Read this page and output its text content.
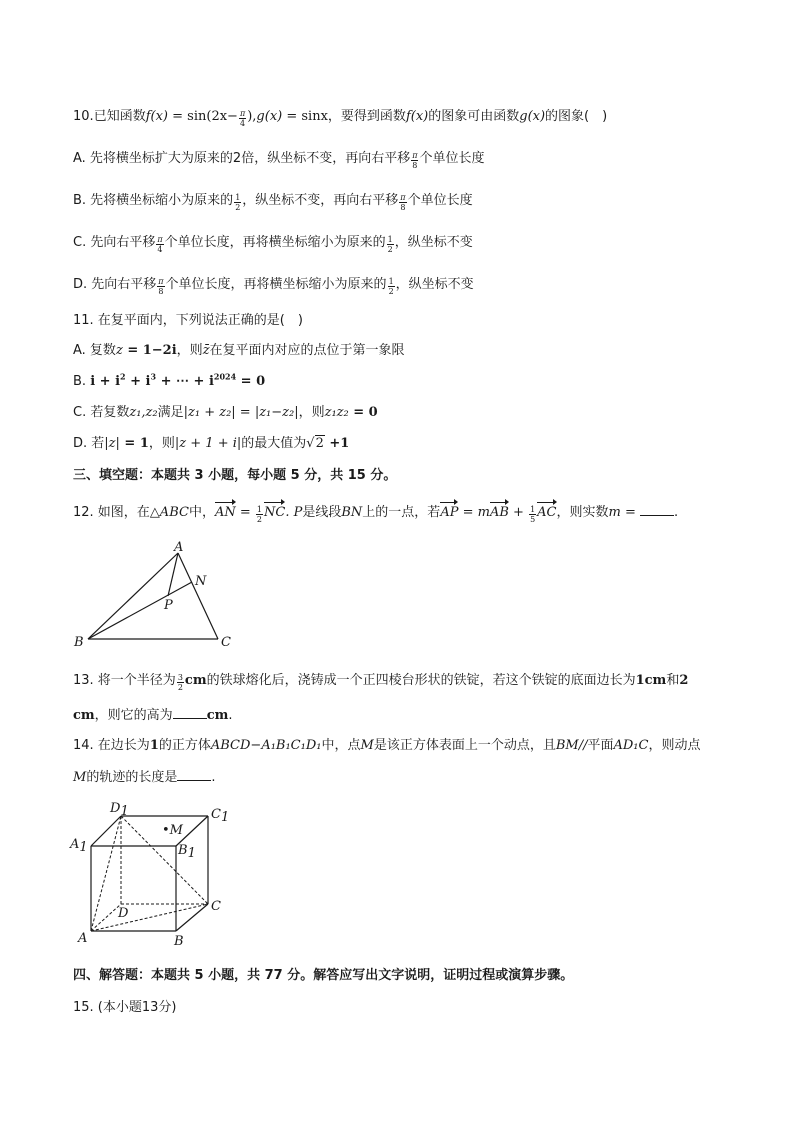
10.已知函数$f(x) = \sin(2x- \frac{\pi}{4} ),g(x) = \sin x$，要得到函数f(x)的图象可由函数g(x)的图象(　)
A. 先将横坐标扩大为原来的2倍，纵坐标不变，再向右平移 $\frac{\pi}{8}$ 个单位长度
B. 先将横坐标缩小为原来的 $\frac{1}{2}$ ，纵坐标不变，再向右平移 $\frac{\pi}{8}$ 个单位长度
C. 先向右平移 $\frac{\pi}{4}$ 个单位长度，再将横坐标缩小为原来的 $\frac{1}{2}$ ，纵坐标不变
D. 先向右平移 $\frac{\pi}{8}$ 个单位长度，再将横坐标缩小为原来的 $\frac{1}{2}$ ，纵坐标不变
11. 在复平面内，下列说法正确的是(　)
A. 复数z = 1−2i，则z̄在复平面内对应的点位于第一象限
B. $i + i^2 + i^3$ + ⋯ + $i^{2024} = 0$
C. 若复数z₁,z₂满足|z₁ + z₂| = |z₁−z₂|，则z₁z₂ = 0
D. 若|z| = 1，则|z + 1 + i|的最大值为√2 +1
三、填空题：本题共 3 小题，每小题 5 分，共 15 分。
12. 如图，在△ABC中，AN = $\frac{1}{2}$ NC. P是线段BN上的一点，若AP = mAB + $\frac{1}{5}$ AC，则实数m =	.
A
N
P
B	C
13. 将一个半径为 $\frac{3}{2}$ cm的铁球熔化后，浇铸成一个正四棱台形状的铁锭，若这个铁锭的底面边长为1cm和2
cm，则它的高为	cm.
14. 在边长为1的正方体ABCD−A₁B₁C₁D₁中，点M是该正方体表面上一个动点，且BM//平面AD₁C，则动点
M的轨迹的长度是	.
D1	C1
A1	B1
•M
D	C
A	B
四、解答题：本题共 5 小题，共 77 分。解答应写出文字说明，证明过程或演算步骤。
15. (本小题13分)
